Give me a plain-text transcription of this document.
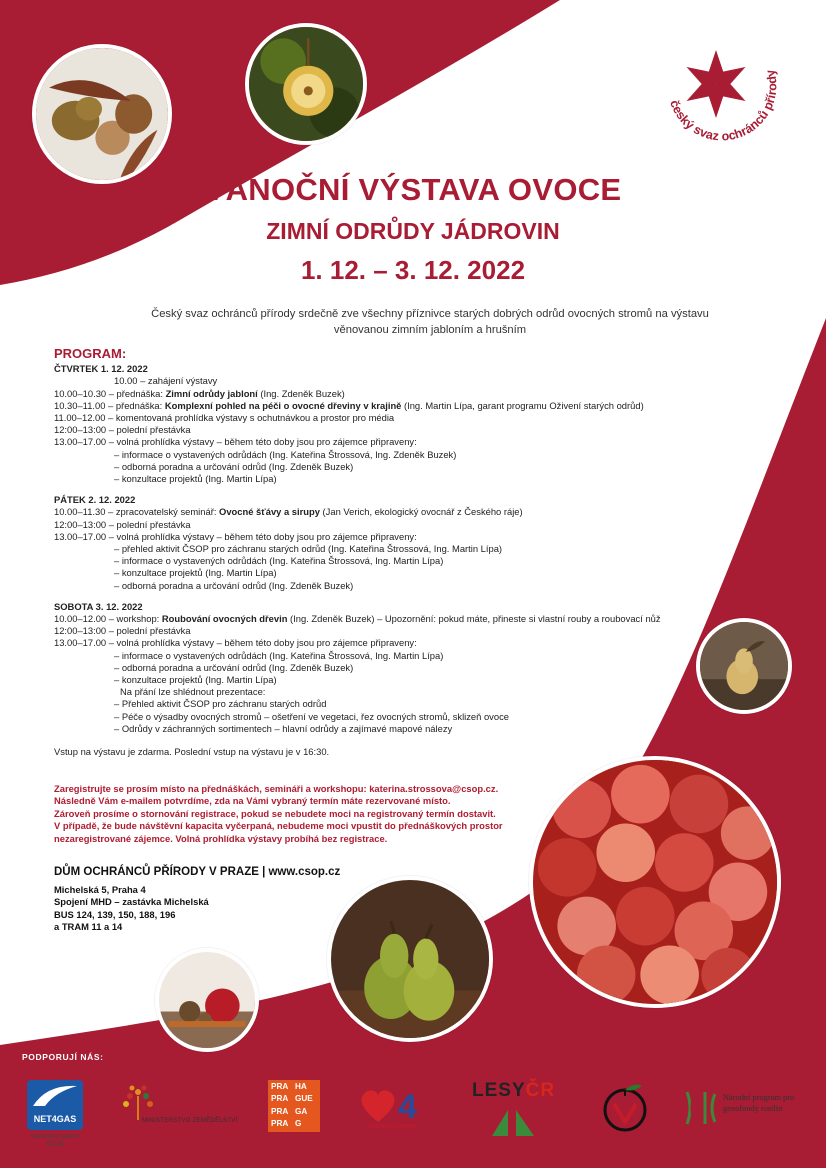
český svaz ochránců přírody
VÁNOČNÍ VÝSTAVA OVOCE
ZIMNÍ ODRŮDY JÁDROVIN
1. 12. – 3. 12. 2022
Český svaz ochránců přírody srdečně zve všechny příznivce starých dobrých odrůd ovocných stromů na výstavu věnovanou zimním jabloním a hrušním
PROGRAM:
ČTVRTEK 1. 12. 2022
10.00 – zahájení výstavy
10.00–10.30 – přednáška: Zimní odrůdy jabloní (Ing. Zdeněk Buzek)
10.30–11.00 – přednáška: Komplexní pohled na péči o ovocné dřeviny v krajině (Ing. Martin Lípa, garant programu Oživení starých odrůd)
11.00–12.00 – komentovaná prohlídka výstavy s ochutnávkou a prostor pro média
12:00–13:00 – polední přestávka
13.00–17.00 – volná prohlídka výstavy – během této doby jsou pro zájemce připraveny:
– informace o vystavených odrůdách (Ing. Kateřina Štrossová, Ing. Zdeněk Buzek)
– odborná poradna a určování odrůd (Ing. Zdeněk Buzek)
– konzultace projektů (Ing. Martin Lípa)
PÁTEK 2. 12. 2022
10.00–11.30 – zpracovatelský seminář: Ovocné šťávy a sirupy (Jan Verich, ekologický ovocnář z Českého ráje)
12:00–13:00 – polední přestávka
13.00–17.00 – volná prohlídka výstavy – během této doby jsou pro zájemce připraveny:
– přehled aktivit ČSOP pro záchranu starých odrůd (Ing. Kateřina Štrossová, Ing. Martin Lípa)
– informace o vystavených odrůdách (Ing. Kateřina Štrossová, Ing. Martin Lípa)
– konzultace projektů (Ing. Martin Lípa)
– odborná poradna a určování odrůd (Ing. Zdeněk Buzek)
SOBOTA 3. 12. 2022
10.00–12.00 – workshop: Roubování ovocných dřevin (Ing. Zdeněk Buzek) – Upozornění: pokud máte, přineste si vlastní rouby a roubovací nůž
12:00–13:00 – polední přestávka
13.00–17.00 – volná prohlídka výstavy – během této doby jsou pro zájemce připraveny:
– informace o vystavených odrůdách (Ing. Kateřina Štrossová, Ing. Martin Lípa)
– odborná poradna a určování odrůd (Ing. Zdeněk Buzek)
– konzultace projektů (Ing. Martin Lípa)
Na přání lze shlédnout prezentace:
– Přehled aktivit ČSOP pro záchranu starých odrůd
– Péče o výsadby ovocných stromů – ošetření ve vegetaci, řez ovocných stromů, sklizeň ovoce
– Odrůdy v záchranných sortimentech – hlavní odrůdy a zajímavé mapové nálezy
Vstup na výstavu je zdarma. Poslední vstup na výstavu je v 16:30.
Zaregistrujte se prosím místo na přednáškách, semináři a workshopu: katerina.strossova@csop.cz.
Následně Vám e-mailem potvrdíme, zda na Vámi vybraný termín máte rezervované místo.
Zároveň prosíme o stornování registrace, pokud se nebudete moci na registrovaný termín dostavit.
V případě, že bude návštěvní kapacita vyčerpaná, nebudeme moci vpustit do přednáškových prostor
nezaregistrované zájemce. Volná prohlídka výstavy probíhá bez registrace.
DŮM OCHRÁNCŮ PŘÍRODY V PRAZE | www.csop.cz
Michelská 5, Praha 4
Spojení MHD – zastávka Michelská
BUS 124, 139, 150, 188, 196
a TRAM 11 a 14
PODPORUJÍ NÁS:
NET4GAS
Generální partner ČSOP
MINISTERSTVO ZEMĚDĚLSTVÍ
PRA HA
PRA GUE
PRA GA
PRA G	4
MILUJEME ČTYŘKU
LESYČR	Národní program pro genofondy rostlin
